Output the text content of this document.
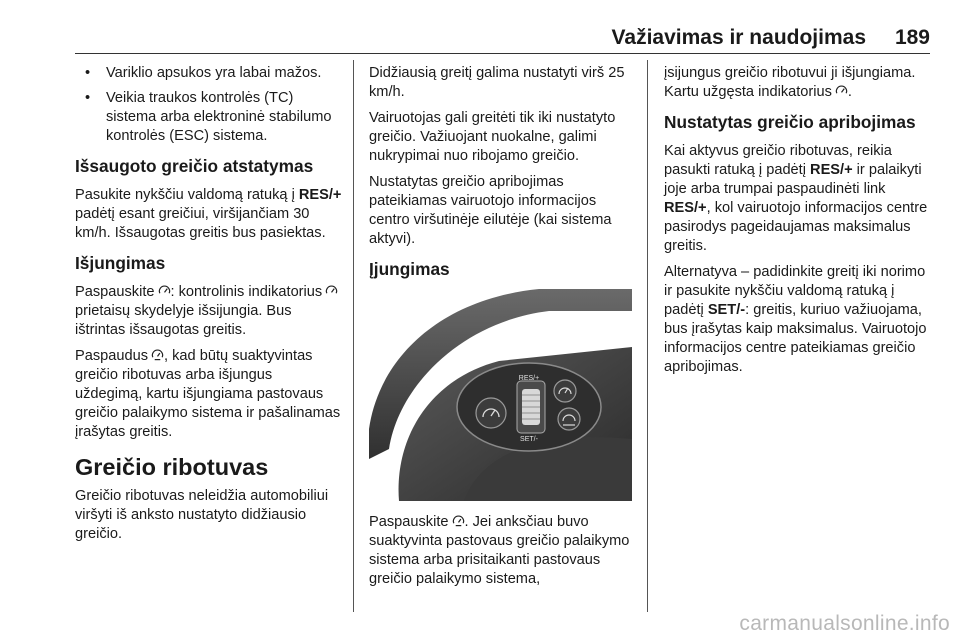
Važiavimas ir naudojimas 189
• Variklio apsukos yra labai mažos.
• Veikia traukos kontrolės (TC) sistema arba elektroninė stabilumo kontrolės (ESC) sistema.
Išsaugoto greičio atstatymas

Pasukite nykščiu valdomą ratuką į RES/+ padėtį esant greičiui, viršijančiam 30 km/h. Išsaugotas greitis bus pasiektas.

Išjungimas

Paspauskite : kontrolinis indikatorius
prietaisų skydelyje išsijungia. Bus ištrintas išsaugotas greitis.

Paspaudus , kad būtų suaktyvintas greičio ribotuvas arba išjungus uždegimą, kartu išjungiama pastovaus greičio palaikymo sistema ir pašalinamas įrašytas greitis.

Greičio ribotuvas

Greičio ribotuvas neleidžia automobiliui viršyti iš anksto nustatyto didžiausio greičio.

Didžiausią greitį galima nustatyti virš 25 km/h.

Vairuotojas gali greitėti tik iki nustatyto greičio. Važiuojant nuokalne, galimi nukrypimai nuo ribojamo greičio.

Nustatytas greičio apribojimas pateikiamas vairuotojo informacijos centro viršutinėje eilutėje (kai sistema aktyvi).

Įjungimas
RES/+
SET/-

Paspauskite . Jei anksčiau buvo suaktyvinta pastovaus greičio palaikymo sistema arba prisitaikanti pastovaus greičio palaikymo sistema,

įsijungus greičio ribotuvui ji išjungiama. Kartu užgęsta indikatorius .

Nustatytas greičio apribojimas

Kai aktyvus greičio ribotuvas, reikia pasukti ratuką į padėtį RES/+ ir palaikyti joje arba trumpai paspaudinėti link RES/+, kol vairuotojo informacijos centre pasirodys pageidaujamas maksimalus greitis.

Alternatyva – padidinkite greitį iki norimo ir pasukite nykščiu valdomą ratuką į padėtį SET/-: greitis, kuriuo važiuojama, bus įrašytas kaip maksimalus. Vairuotojo informacijos centre pateikiamas greičio apribojimas.

carmanualsonline.info
